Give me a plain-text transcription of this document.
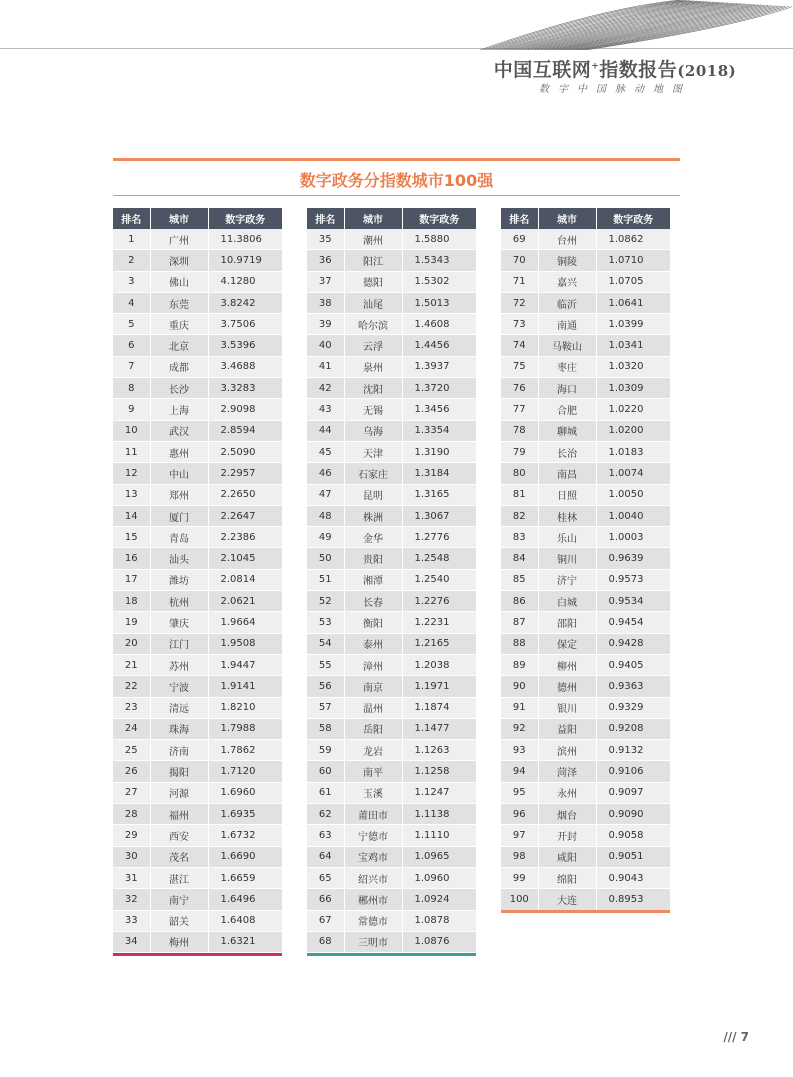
中国互联网+指数报告(2018)
数字中国脉动地图
数字政务分指数城市100强
排名	城市	数字政务
1	广州	11.3806
2	深圳	10.9719
3	佛山	4.1280
4	东莞	3.8242
5	重庆	3.7506
6	北京	3.5396
7	成都	3.4688
8	长沙	3.3283
9	上海	2.9098
10	武汉	2.8594
11	惠州	2.5090
12	中山	2.2957
13	郑州	2.2650
14	厦门	2.2647
15	青岛	2.2386
16	汕头	2.1045
17	潍坊	2.0814
18	杭州	2.0621
19	肇庆	1.9664
20	江门	1.9508
21	苏州	1.9447
22	宁波	1.9141
23	清远	1.8210
24	珠海	1.7988
25	济南	1.7862
26	揭阳	1.7120
27	河源	1.6960
28	福州	1.6935
29	西安	1.6732
30	茂名	1.6690
31	湛江	1.6659
32	南宁	1.6496
33	韶关	1.6408
34	梅州	1.6321
排名	城市	数字政务
35	潮州	1.5880
36	阳江	1.5343
37	德阳	1.5302
38	汕尾	1.5013
39	哈尔滨	1.4608
40	云浮	1.4456
41	泉州	1.3937
42	沈阳	1.3720
43	无锡	1.3456
44	乌海	1.3354
45	天津	1.3190
46	石家庄	1.3184
47	昆明	1.3165
48	株洲	1.3067
49	金华	1.2776
50	贵阳	1.2548
51	湘潭	1.2540
52	长春	1.2276
53	衡阳	1.2231
54	泰州	1.2165
55	漳州	1.2038
56	南京	1.1971
57	温州	1.1874
58	岳阳	1.1477
59	龙岩	1.1263
60	南平	1.1258
61	玉溪	1.1247
62	莆田市	1.1138
63	宁德市	1.1110
64	宝鸡市	1.0965
65	绍兴市	1.0960
66	郴州市	1.0924
67	常德市	1.0878
68	三明市	1.0876
排名	城市	数字政务
69	台州	1.0862
70	铜陵	1.0710
71	嘉兴	1.0705
72	临沂	1.0641
73	南通	1.0399
74	马鞍山	1.0341
75	枣庄	1.0320
76	海口	1.0309
77	合肥	1.0220
78	聊城	1.0200
79	长治	1.0183
80	南昌	1.0074
81	日照	1.0050
82	桂林	1.0040
83	乐山	1.0003
84	铜川	0.9639
85	济宁	0.9573
86	白城	0.9534
87	邵阳	0.9454
88	保定	0.9428
89	柳州	0.9405
90	德州	0.9363
91	银川	0.9329
92	益阳	0.9208
93	滨州	0.9132
94	菏泽	0.9106
95	永州	0.9097
96	烟台	0.9090
97	开封	0.9058
98	咸阳	0.9051
99	绵阳	0.9043
100	大连	0.8953
/// 7
